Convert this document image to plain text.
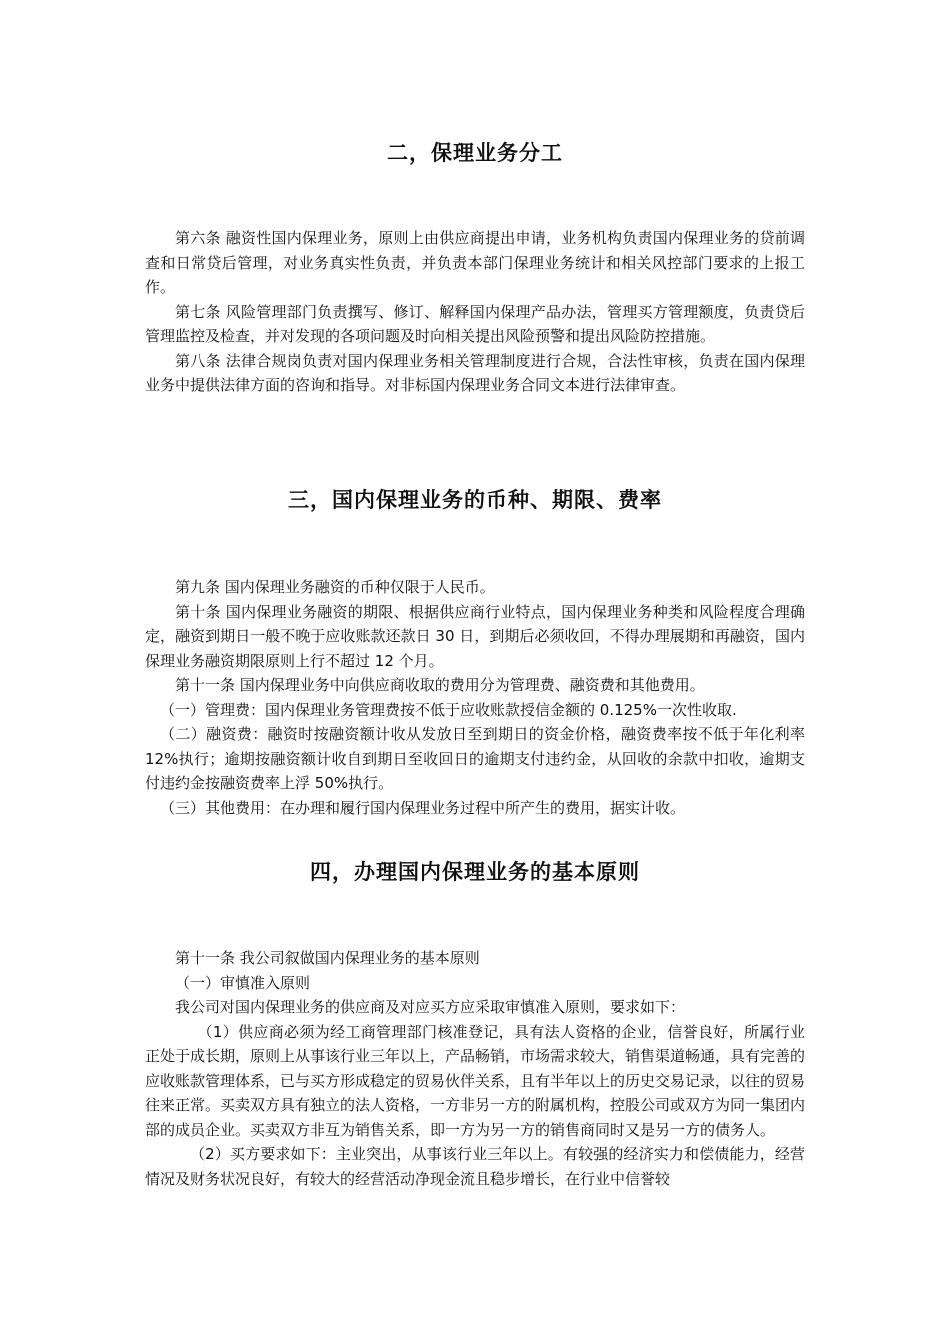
二，保理业务分工

第六条 融资性国内保理业务，原则上由供应商提出申请，业务机构负责国内保理业务的贷前调查和日常贷后管理，对业务真实性负责，并负责本部门保理业务统计和相关风控部门要求的上报工作。

第七条 风险管理部门负责撰写、修订、解释国内保理产品办法，管理买方管理额度，负责贷后管理监控及检查，并对发现的各项问题及时向相关提出风险预警和提出风险防控措施。

第八条 法律合规岗负责对国内保理业务相关管理制度进行合规，合法性审核，负责在国内保理业务中提供法律方面的咨询和指导。对非标国内保理业务合同文本进行法律审查。

三，国内保理业务的币种、期限、费率

第九条 国内保理业务融资的币种仅限于人民币。

第十条 国内保理业务融资的期限、根据供应商行业特点，国内保理业务种类和风险程度合理确定，融资到期日一般不晚于应收账款还款日 30 日，到期后必须收回，不得办理展期和再融资，国内保理业务融资期限原则上行不超过 12 个月。

第十一条 国内保理业务中向供应商收取的费用分为管理费、融资费和其他费用。

（一）管理费：国内保理业务管理费按不低于应收账款授信金额的 0.125%一次性收取.

（二）融资费：融资时按融资额计收从发放日至到期日的资金价格，融资费率按不低于年化利率 12%执行；逾期按融资额计收自到期日至收回日的逾期支付违约金，从回收的余款中扣收，逾期支付违约金按融资费率上浮 50%执行。

（三）其他费用：在办理和履行国内保理业务过程中所产生的费用，据实计收。

四，办理国内保理业务的基本原则

第十一条 我公司叙做国内保理业务的基本原则

（一）审慎准入原则

我公司对国内保理业务的供应商及对应买方应采取审慎准入原则，要求如下：

（1）供应商必须为经工商管理部门核准登记，具有法人资格的企业，信誉良好，所属行业正处于成长期，原则上从事该行业三年以上，产品畅销，市场需求较大，销售渠道畅通，具有完善的应收账款管理体系，已与买方形成稳定的贸易伙伴关系，且有半年以上的历史交易记录，以往的贸易往来正常。买卖双方具有独立的法人资格，一方非另一方的附属机构，控股公司或双方为同一集团内部的成员企业。买卖双方非互为销售关系，即一方为另一方的销售商同时又是另一方的债务人。

（2）买方要求如下：主业突出，从事该行业三年以上。有较强的经济实力和偿债能力，经营情况及财务状况良好，有较大的经营活动净现金流且稳步增长，在行业中信誉较
